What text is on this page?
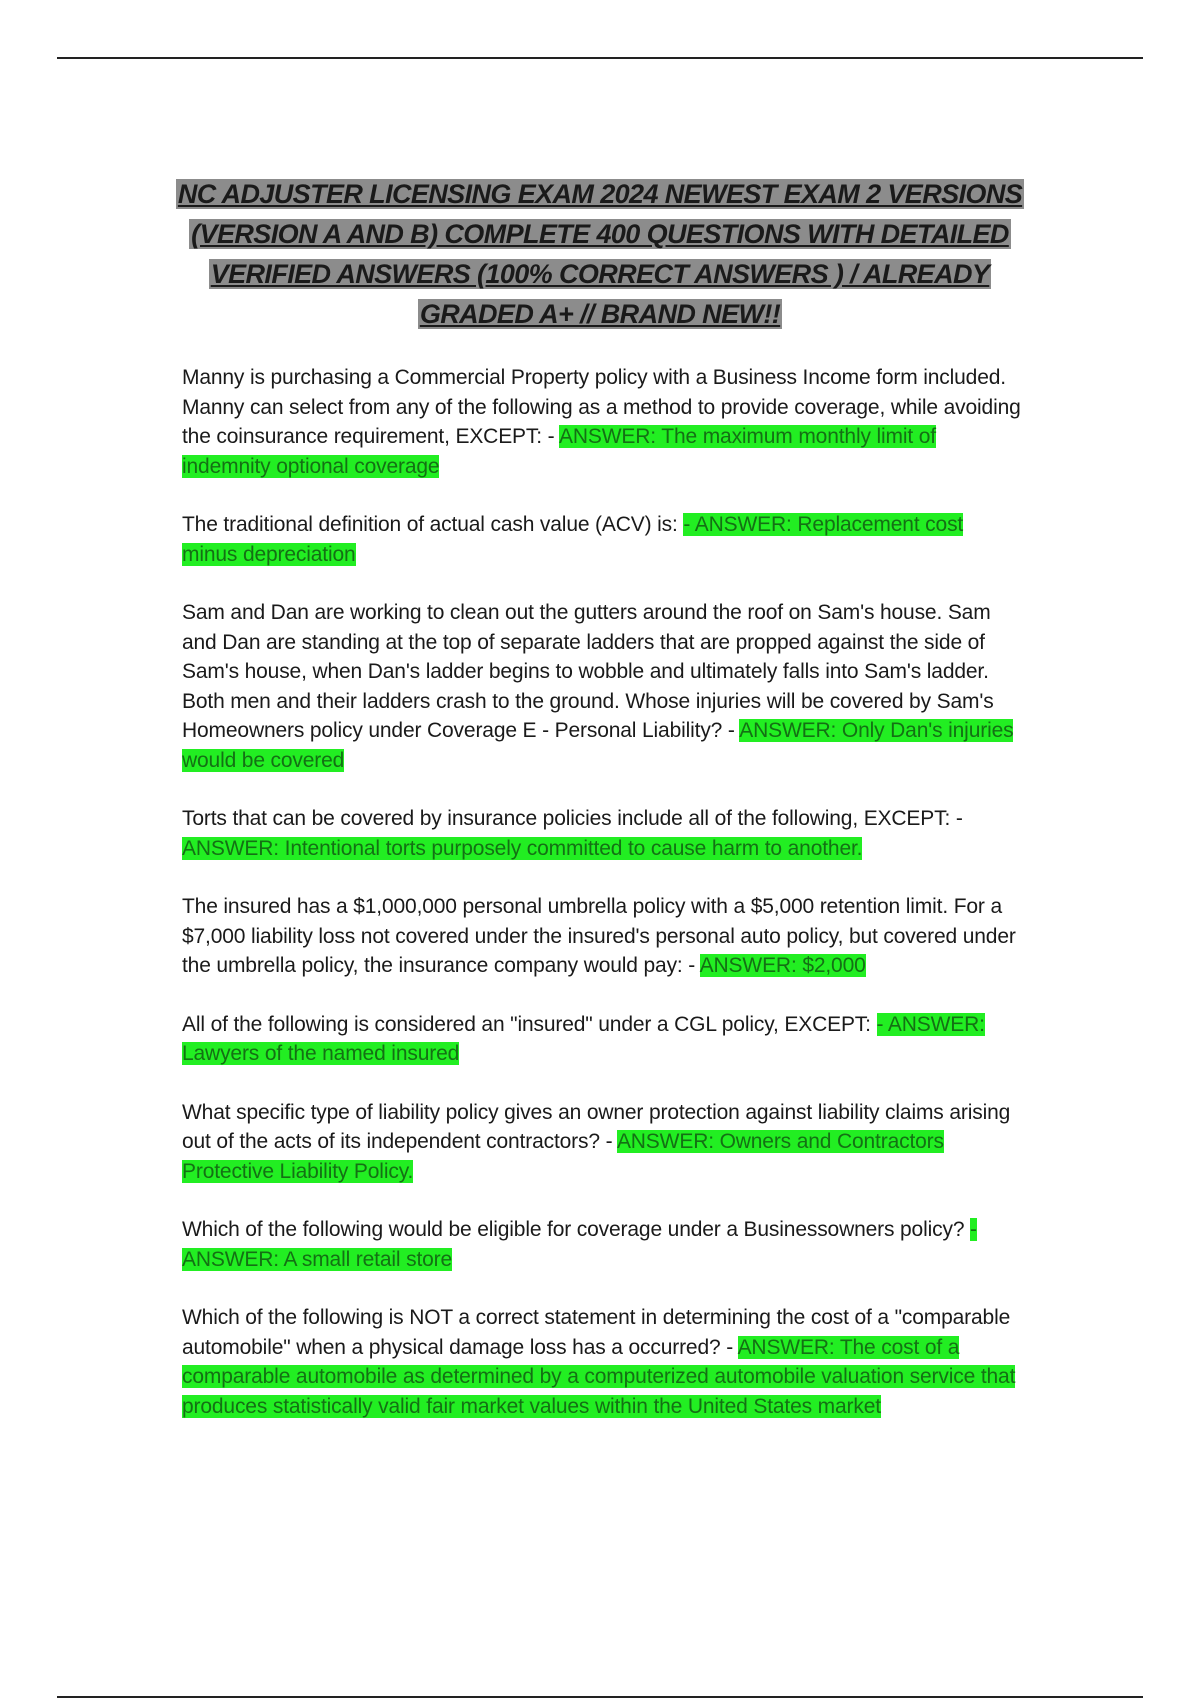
NC ADJUSTER LICENSING EXAM 2024 NEWEST EXAM 2 VERSIONS (VERSION A AND B) COMPLETE 400 QUESTIONS WITH DETAILED VERIFIED ANSWERS (100% CORRECT ANSWERS ) / ALREADY GRADED A+ // BRAND NEW!!

Manny is purchasing a Commercial Property policy with a Business Income form included. Manny can select from any of the following as a method to provide coverage, while avoiding the coinsurance requirement, EXCEPT: - ANSWER: The maximum monthly limit of indemnity optional coverage

The traditional definition of actual cash value (ACV) is: - ANSWER: Replacement cost minus depreciation

Sam and Dan are working to clean out the gutters around the roof on Sam's house. Sam and Dan are standing at the top of separate ladders that are propped against the side of Sam's house, when Dan's ladder begins to wobble and ultimately falls into Sam's ladder. Both men and their ladders crash to the ground. Whose injuries will be covered by Sam's Homeowners policy under Coverage E - Personal Liability? - ANSWER: Only Dan's injuries would be covered

Torts that can be covered by insurance policies include all of the following, EXCEPT: - ANSWER: Intentional torts purposely committed to cause harm to another.

The insured has a $1,000,000 personal umbrella policy with a $5,000 retention limit. For a $7,000 liability loss not covered under the insured's personal auto policy, but covered under the umbrella policy, the insurance company would pay: - ANSWER: $2,000

All of the following is considered an "insured" under a CGL policy, EXCEPT: - ANSWER: Lawyers of the named insured

What specific type of liability policy gives an owner protection against liability claims arising out of the acts of its independent contractors? - ANSWER: Owners and Contractors Protective Liability Policy.

Which of the following would be eligible for coverage under a Businessowners policy? - ANSWER: A small retail store

Which of the following is NOT a correct statement in determining the cost of a "comparable automobile" when a physical damage loss has a occurred? - ANSWER: The cost of a comparable automobile as determined by a computerized automobile valuation service that produces statistically valid fair market values within the United States market
